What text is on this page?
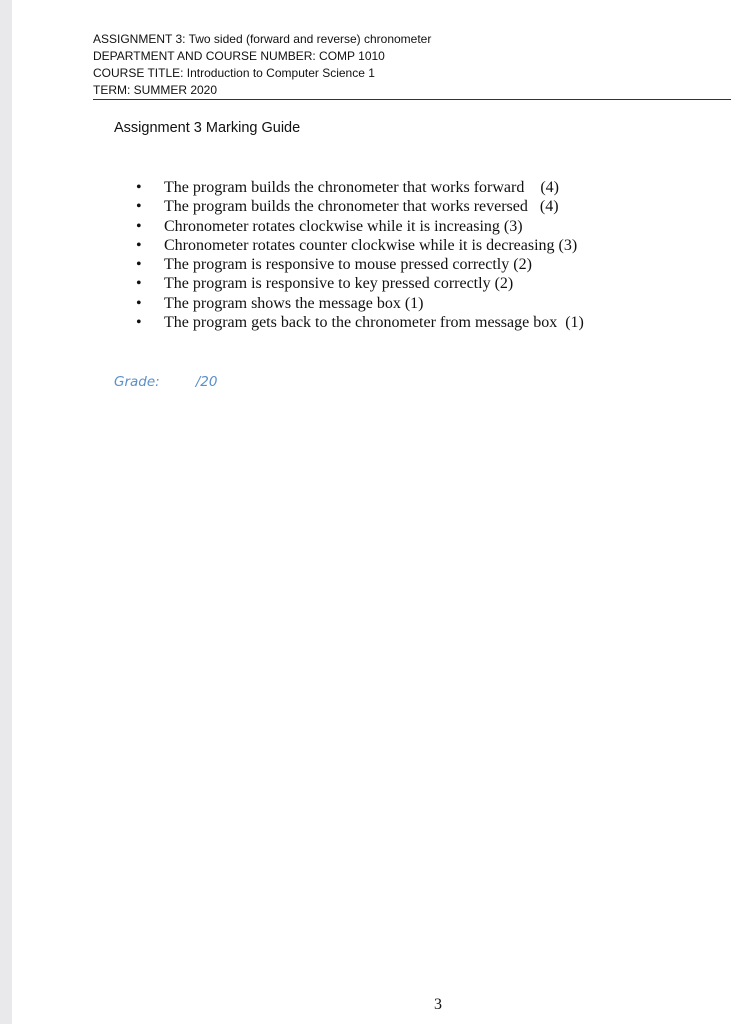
ASSIGNMENT 3: Two sided (forward and reverse) chronometer
DEPARTMENT AND COURSE NUMBER: COMP 1010
COURSE TITLE: Introduction to Computer Science 1
TERM: SUMMER 2020
Assignment 3 Marking Guide
• The program builds the chronometer that works forward    (4)
• The program builds the chronometer that works reversed   (4)
• Chronometer rotates clockwise while it is increasing (3)
• Chronometer rotates counter clockwise while it is decreasing (3)
• The program is responsive to mouse pressed correctly (2)
• The program is responsive to key pressed correctly (2)
• The program shows the message box (1)
• The program gets back to the chronometer from message box  (1)
Grade:	/20
3
